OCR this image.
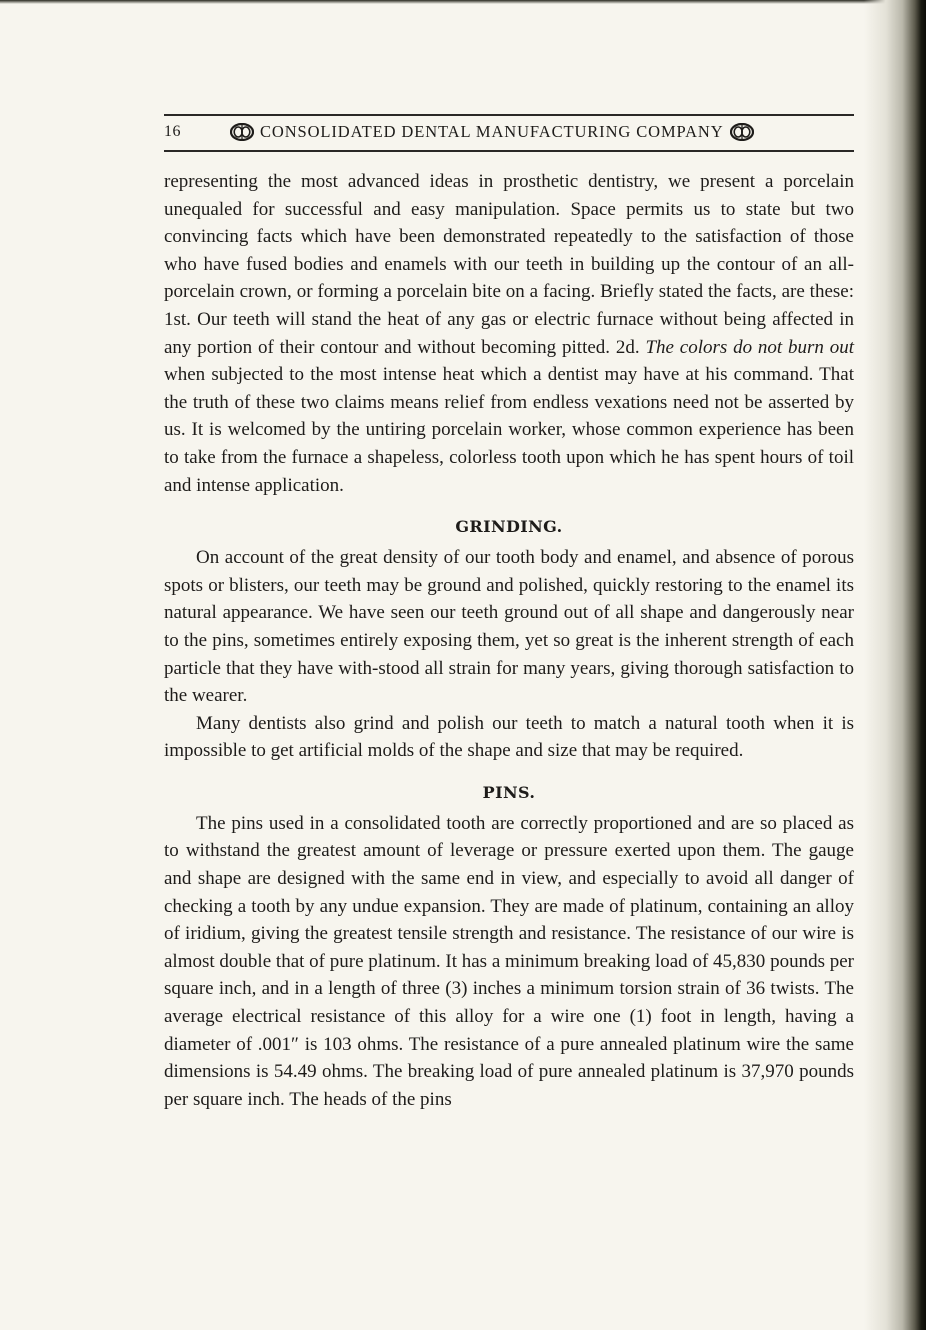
16	CONSOLIDATED DENTAL MANUFACTURING COMPANY

representing the most advanced ideas in prosthetic dentistry, we present a porcelain unequaled for successful and easy manipulation. Space permits us to state but two convincing facts which have been demonstrated repeatedly to the satisfaction of those who have fused bodies and enamels with our teeth in building up the contour of an all-porcelain crown, or forming a porcelain bite on a facing. Briefly stated the facts, are these: 1st. Our teeth will stand the heat of any gas or electric furnace without being affected in any portion of their contour and without becoming pitted. 2d. The colors do not burn out when subjected to the most intense heat which a dentist may have at his command. That the truth of these two claims means relief from endless vexations need not be asserted by us. It is welcomed by the untiring porcelain worker, whose common experience has been to take from the furnace a shapeless, colorless tooth upon which he has spent hours of toil and intense application.

GRINDING.

On account of the great density of our tooth body and enamel, and absence of porous spots or blisters, our teeth may be ground and polished, quickly restoring to the enamel its natural appearance. We have seen our teeth ground out of all shape and dangerously near to the pins, sometimes entirely exposing them, yet so great is the inherent strength of each particle that they have with-stood all strain for many years, giving thorough satisfaction to the wearer.

Many dentists also grind and polish our teeth to match a natural tooth when it is impossible to get artificial molds of the shape and size that may be required.

PINS.

The pins used in a consolidated tooth are correctly proportioned and are so placed as to withstand the greatest amount of leverage or pressure exerted upon them. The gauge and shape are designed with the same end in view, and especially to avoid all danger of checking a tooth by any undue expansion. They are made of platinum, containing an alloy of iridium, giving the greatest tensile strength and resistance. The resistance of our wire is almost double that of pure platinum. It has a minimum breaking load of 45,830 pounds per square inch, and in a length of three (3) inches a minimum torsion strain of 36 twists. The average electrical resistance of this alloy for a wire one (1) foot in length, having a diameter of .001″ is 103 ohms. The resistance of a pure annealed platinum wire the same dimensions is 54.49 ohms. The breaking load of pure annealed platinum is 37,970 pounds per square inch. The heads of the pins
